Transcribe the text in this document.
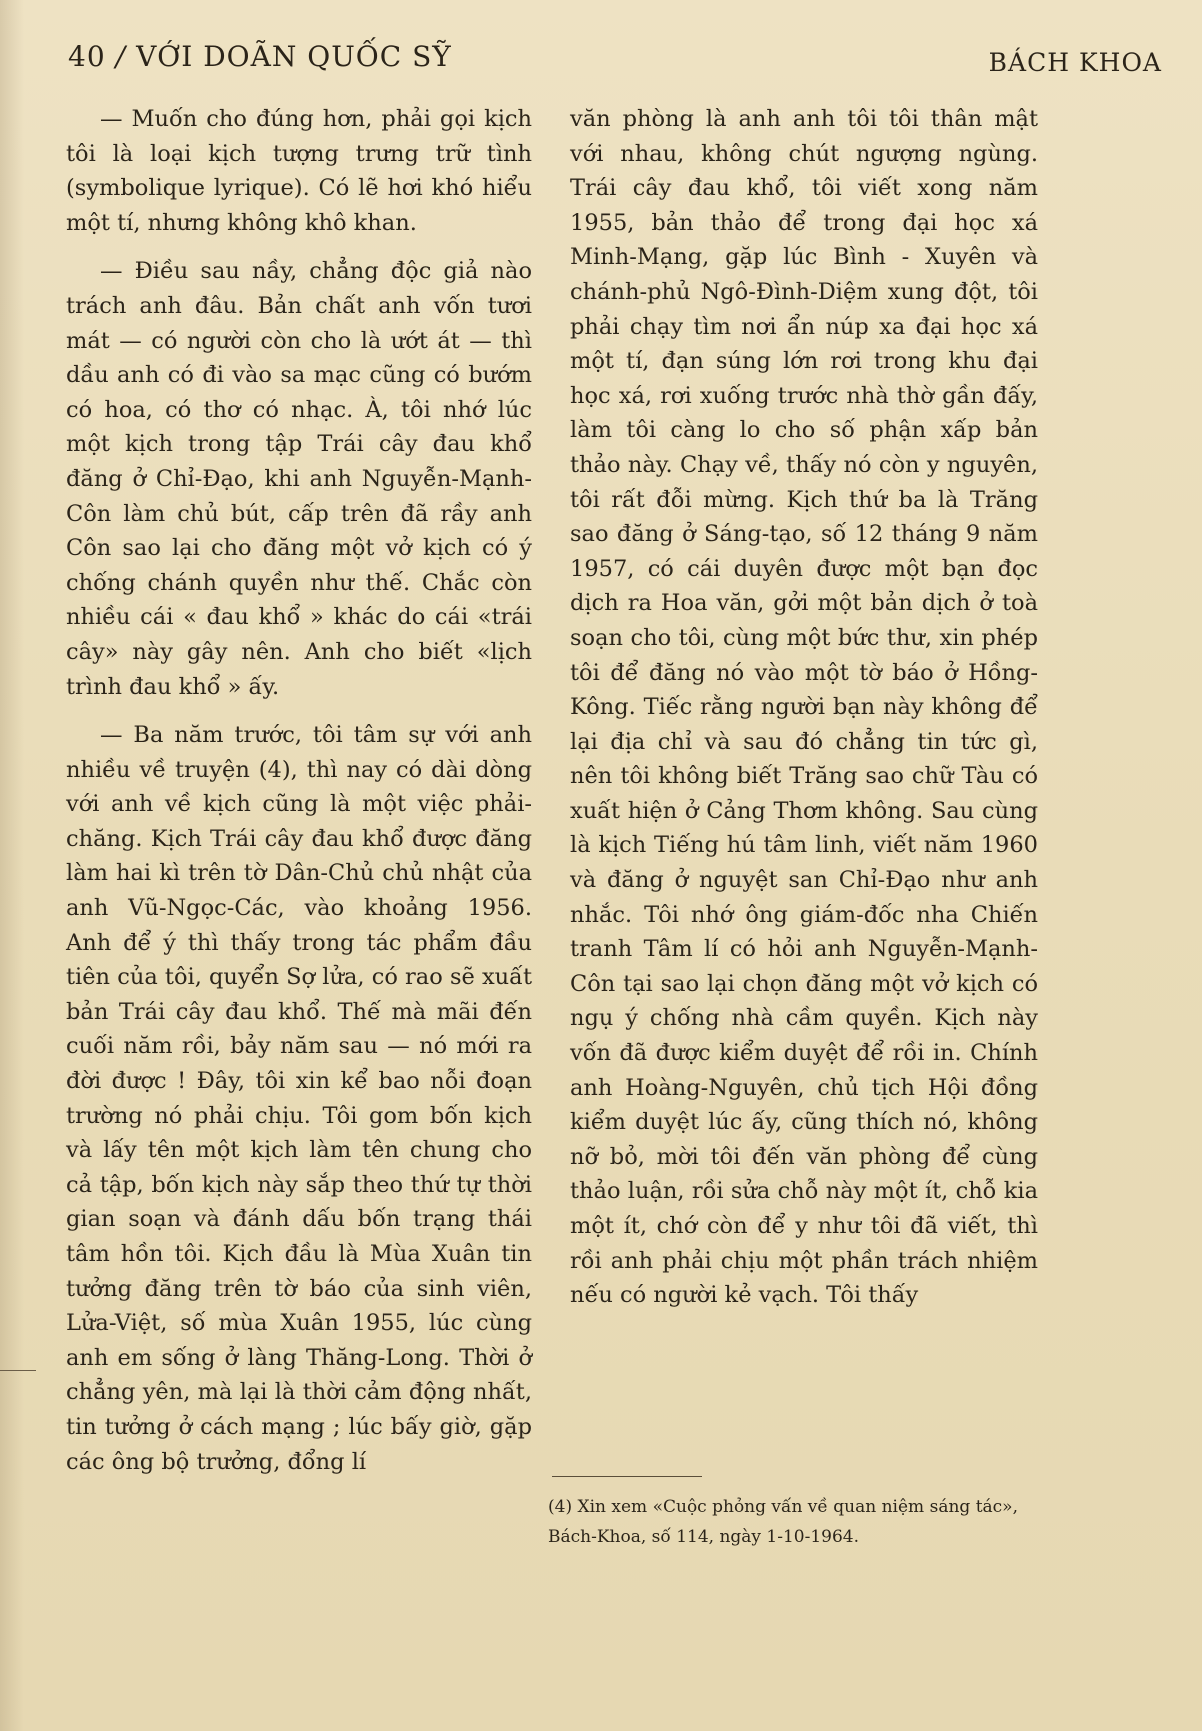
40 / VỚI DOÃN QUỐC SỸ	BÁCH KHOA

— Muốn cho đúng hơn, phải gọi kịch tôi là loại kịch tượng trưng trữ tình (symbolique lyrique). Có lẽ hơi khó hiểu một tí, nhưng không khô khan.

— Điều sau nầy, chẳng độc giả nào trách anh đâu. Bản chất anh vốn tươi mát — có người còn cho là ướt át — thì dầu anh có đi vào sa mạc cũng có bướm có hoa, có thơ có nhạc. À, tôi nhớ lúc một kịch trong tập Trái cây đau khổ đăng ở Chỉ-Đạo, khi anh Nguyễn-Mạnh-Côn làm chủ bút, cấp trên đã rầy anh Côn sao lại cho đăng một vở kịch có ý chống chánh quyền như thế. Chắc còn nhiều cái « đau khổ » khác do cái «trái cây» này gây nên. Anh cho biết «lịch trình đau khổ » ấy.

— Ba năm trước, tôi tâm sự với anh nhiều về truyện (4), thì nay có dài dòng với anh về kịch cũng là một việc phải-chăng. Kịch Trái cây đau khổ được đăng làm hai kì trên tờ Dân-Chủ chủ nhật của anh Vũ-Ngọc-Các, vào khoảng 1956. Anh để ý thì thấy trong tác phẩm đầu tiên của tôi, quyển Sợ lửa, có rao sẽ xuất bản Trái cây đau khổ. Thế mà mãi đến cuối năm rồi, bảy năm sau — nó mới ra đời được ! Đây, tôi xin kể bao nỗi đoạn trường nó phải chịu. Tôi gom bốn kịch và lấy tên một kịch làm tên chung cho cả tập, bốn kịch này sắp theo thứ tự thời gian soạn và đánh dấu bốn trạng thái tâm hồn tôi. Kịch đầu là Mùa Xuân tin tưởng đăng trên tờ báo của sinh viên, Lửa-Việt, số mùa Xuân 1955, lúc cùng anh em sống ở làng Thăng-Long. Thời ở chẳng yên, mà lại là thời cảm động nhất, tin tưởng ở cách mạng ; lúc bấy giờ, gặp các ông bộ trưởng, đổng lí

văn phòng là anh anh tôi tôi thân mật với nhau, không chút ngượng ngùng. Trái cây đau khổ, tôi viết xong năm 1955, bản thảo để trong đại học xá Minh-Mạng, gặp lúc Bình - Xuyên và chánh-phủ Ngô-Đình-Diệm xung đột, tôi phải chạy tìm nơi ẩn núp xa đại học xá một tí, đạn súng lớn rơi trong khu đại học xá, rơi xuống trước nhà thờ gần đấy, làm tôi càng lo cho số phận xấp bản thảo này. Chạy về, thấy nó còn y nguyên, tôi rất đỗi mừng. Kịch thứ ba là Trăng sao đăng ở Sáng-tạo, số 12 tháng 9 năm 1957, có cái duyên được một bạn đọc dịch ra Hoa văn, gởi một bản dịch ở toà soạn cho tôi, cùng một bức thư, xin phép tôi để đăng nó vào một tờ báo ở Hồng-Kông. Tiếc rằng người bạn này không để lại địa chỉ và sau đó chẳng tin tức gì, nên tôi không biết Trăng sao chữ Tàu có xuất hiện ở Cảng Thơm không. Sau cùng là kịch Tiếng hú tâm linh, viết năm 1960 và đăng ở nguyệt san Chỉ-Đạo như anh nhắc. Tôi nhớ ông giám-đốc nha Chiến tranh Tâm lí có hỏi anh Nguyễn-Mạnh-Côn tại sao lại chọn đăng một vở kịch có ngụ ý chống nhà cầm quyền. Kịch này vốn đã được kiểm duyệt để rồi in. Chính anh Hoàng-Nguyên, chủ tịch Hội đồng kiểm duyệt lúc ấy, cũng thích nó, không nỡ bỏ, mời tôi đến văn phòng để cùng thảo luận, rồi sửa chỗ này một ít, chỗ kia một ít, chớ còn để y như tôi đã viết, thì rồi anh phải chịu một phần trách nhiệm nếu có người kẻ vạch. Tôi thấy

(4) Xin xem «Cuộc phỏng vấn về quan niệm sáng tác», Bách-Khoa, số 114, ngày 1-10-1964.
